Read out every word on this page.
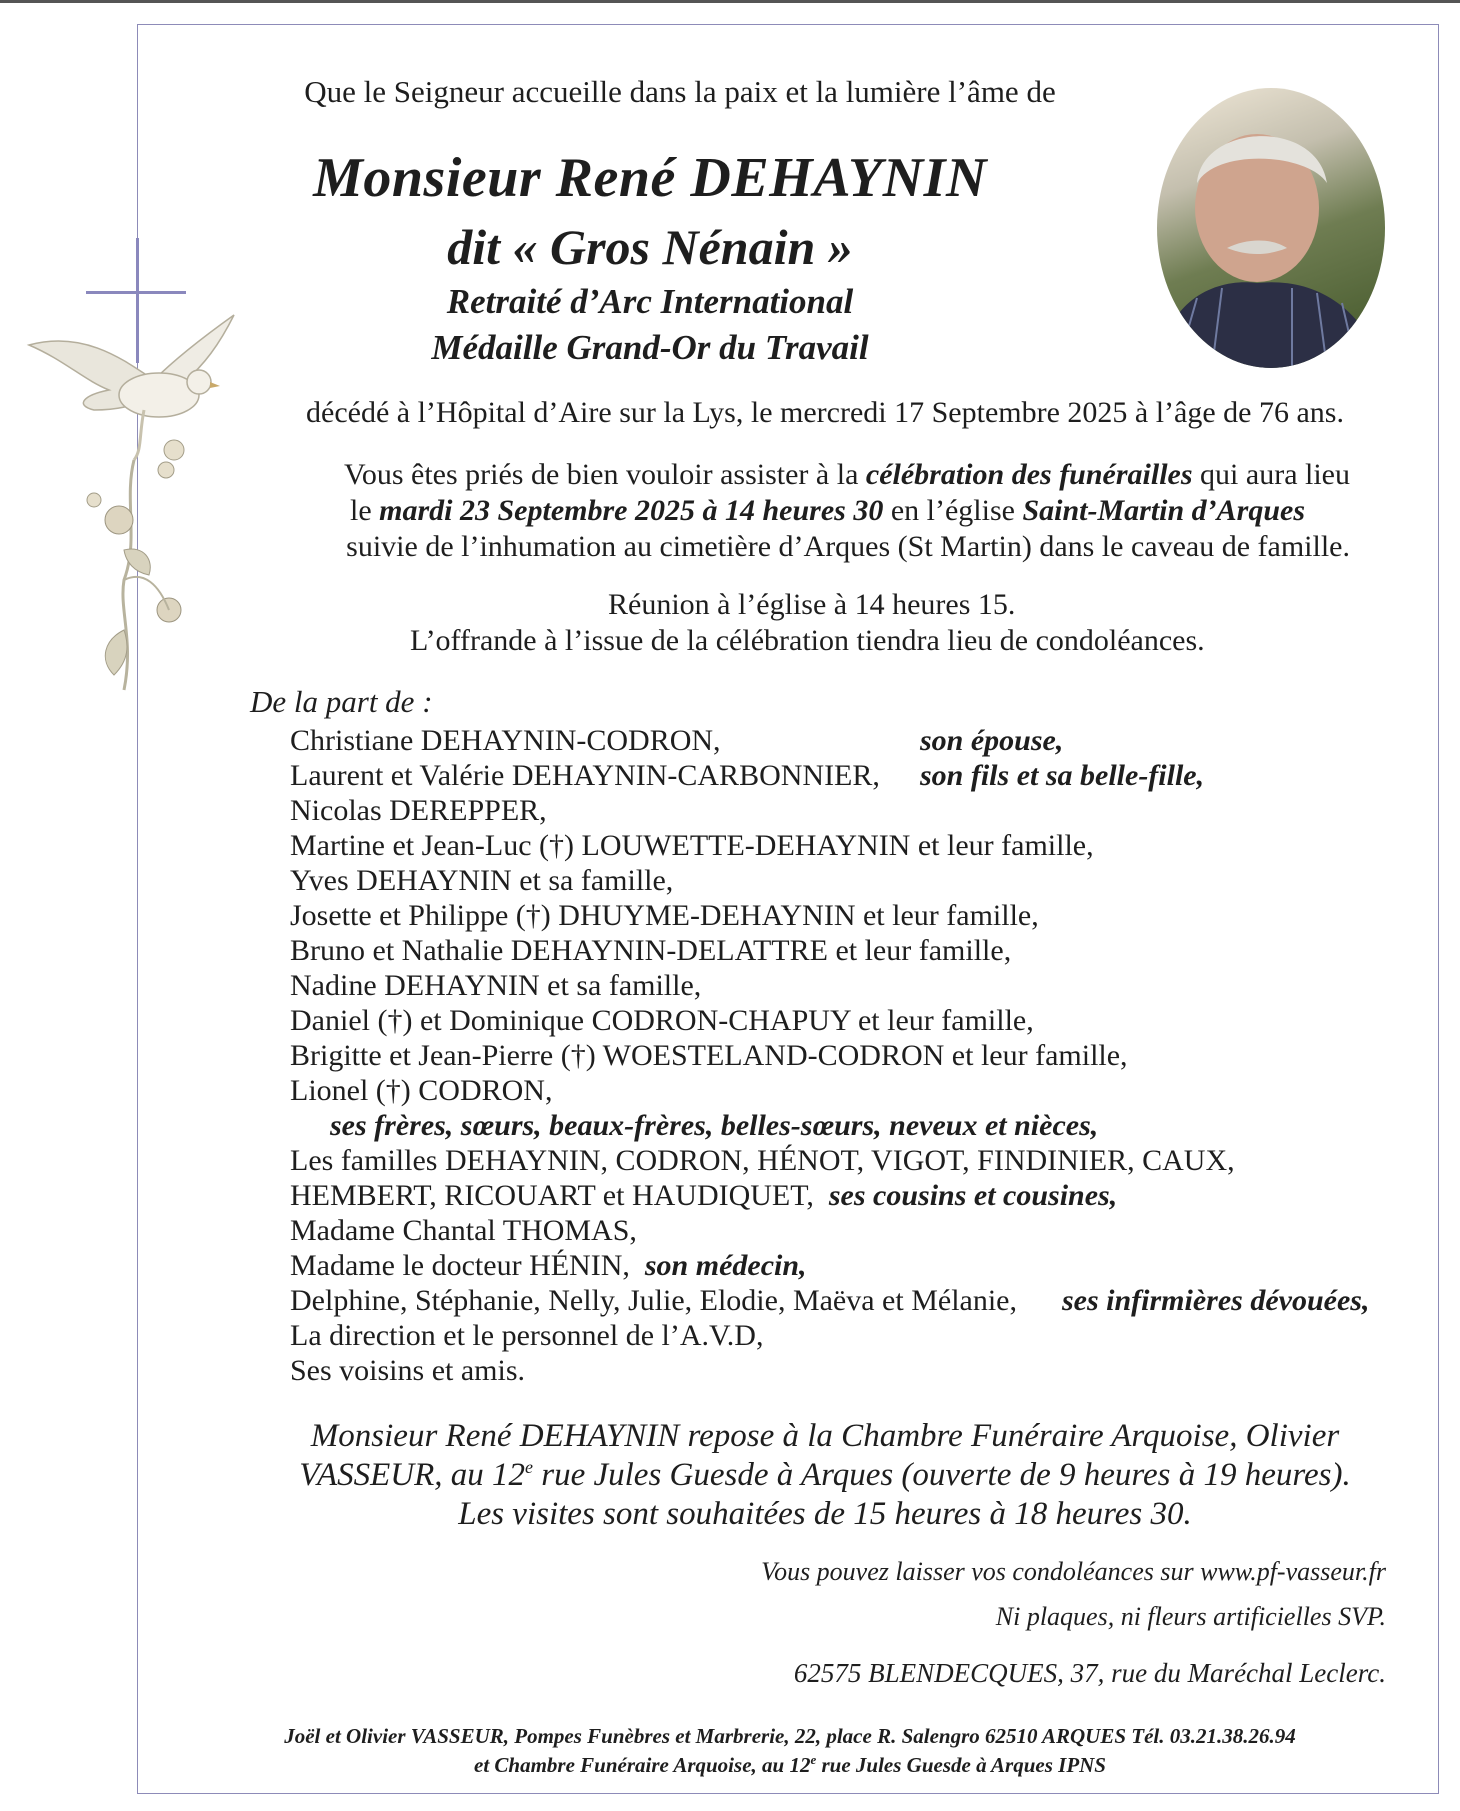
Que le Seigneur accueille dans la paix et la lumière l’âme de
Monsieur René DEHAYNIN
dit « Gros Nénain »
Retraité d’Arc International
Médaille Grand-Or du Travail
décédé à l’Hôpital d’Aire sur la Lys, le mercredi 17 Septembre 2025 à l’âge de 76 ans.
Vous êtes priés de bien vouloir assister à la célébration des funérailles qui aura lieu
le mardi 23 Septembre 2025 à 14 heures 30 en l’église Saint-Martin d’Arques
suivie de l’inhumation au cimetière d’Arques (St Martin) dans le caveau de famille.
Réunion à l’église à 14 heures 15.
L’offrande à l’issue de la célébration tiendra lieu de condoléances.
De la part de :
Christiane DEHAYNIN-CODRON,	son épouse,
Laurent et Valérie DEHAYNIN-CARBONNIER, son fils et sa belle-fille,
Nicolas DEREPPER,
Martine et Jean-Luc (†) LOUWETTE-DEHAYNIN et leur famille,
Yves DEHAYNIN et sa famille,
Josette et Philippe (†) DHUYME-DEHAYNIN et leur famille,
Bruno et Nathalie DEHAYNIN-DELATTRE et leur famille,
Nadine DEHAYNIN et sa famille,
Daniel (†) et Dominique CODRON-CHAPUY et leur famille,
Brigitte et Jean-Pierre (†) WOESTELAND-CODRON et leur famille,
Lionel (†) CODRON,
ses frères, sœurs, beaux-frères, belles-sœurs, neveux et nièces,
Les familles DEHAYNIN, CODRON, HÉNOT, VIGOT, FINDINIER, CAUX,
HEMBERT, RICOUART et HAUDIQUET, ses cousins et cousines,
Madame Chantal THOMAS,
Madame le docteur HÉNIN, son médecin,
Delphine, Stéphanie, Nelly, Julie, Elodie, Maëva et Mélanie, ses infirmières dévouées,
La direction et le personnel de l’A.V.D,
Ses voisins et amis.
Monsieur René DEHAYNIN repose à la Chambre Funéraire Arquoise, Olivier
VASSEUR, au 12e rue Jules Guesde à Arques (ouverte de 9 heures à 19 heures).
Les visites sont souhaitées de 15 heures à 18 heures 30.
Vous pouvez laisser vos condoléances sur www.pf-vasseur.fr
Ni plaques, ni fleurs artificielles SVP.
62575 BLENDECQUES, 37, rue du Maréchal Leclerc.
Joël et Olivier VASSEUR, Pompes Funèbres et Marbrerie, 22, place R. Salengro 62510 ARQUES Tél. 03.21.38.26.94
et Chambre Funéraire Arquoise, au 12e rue Jules Guesde à Arques IPNS
